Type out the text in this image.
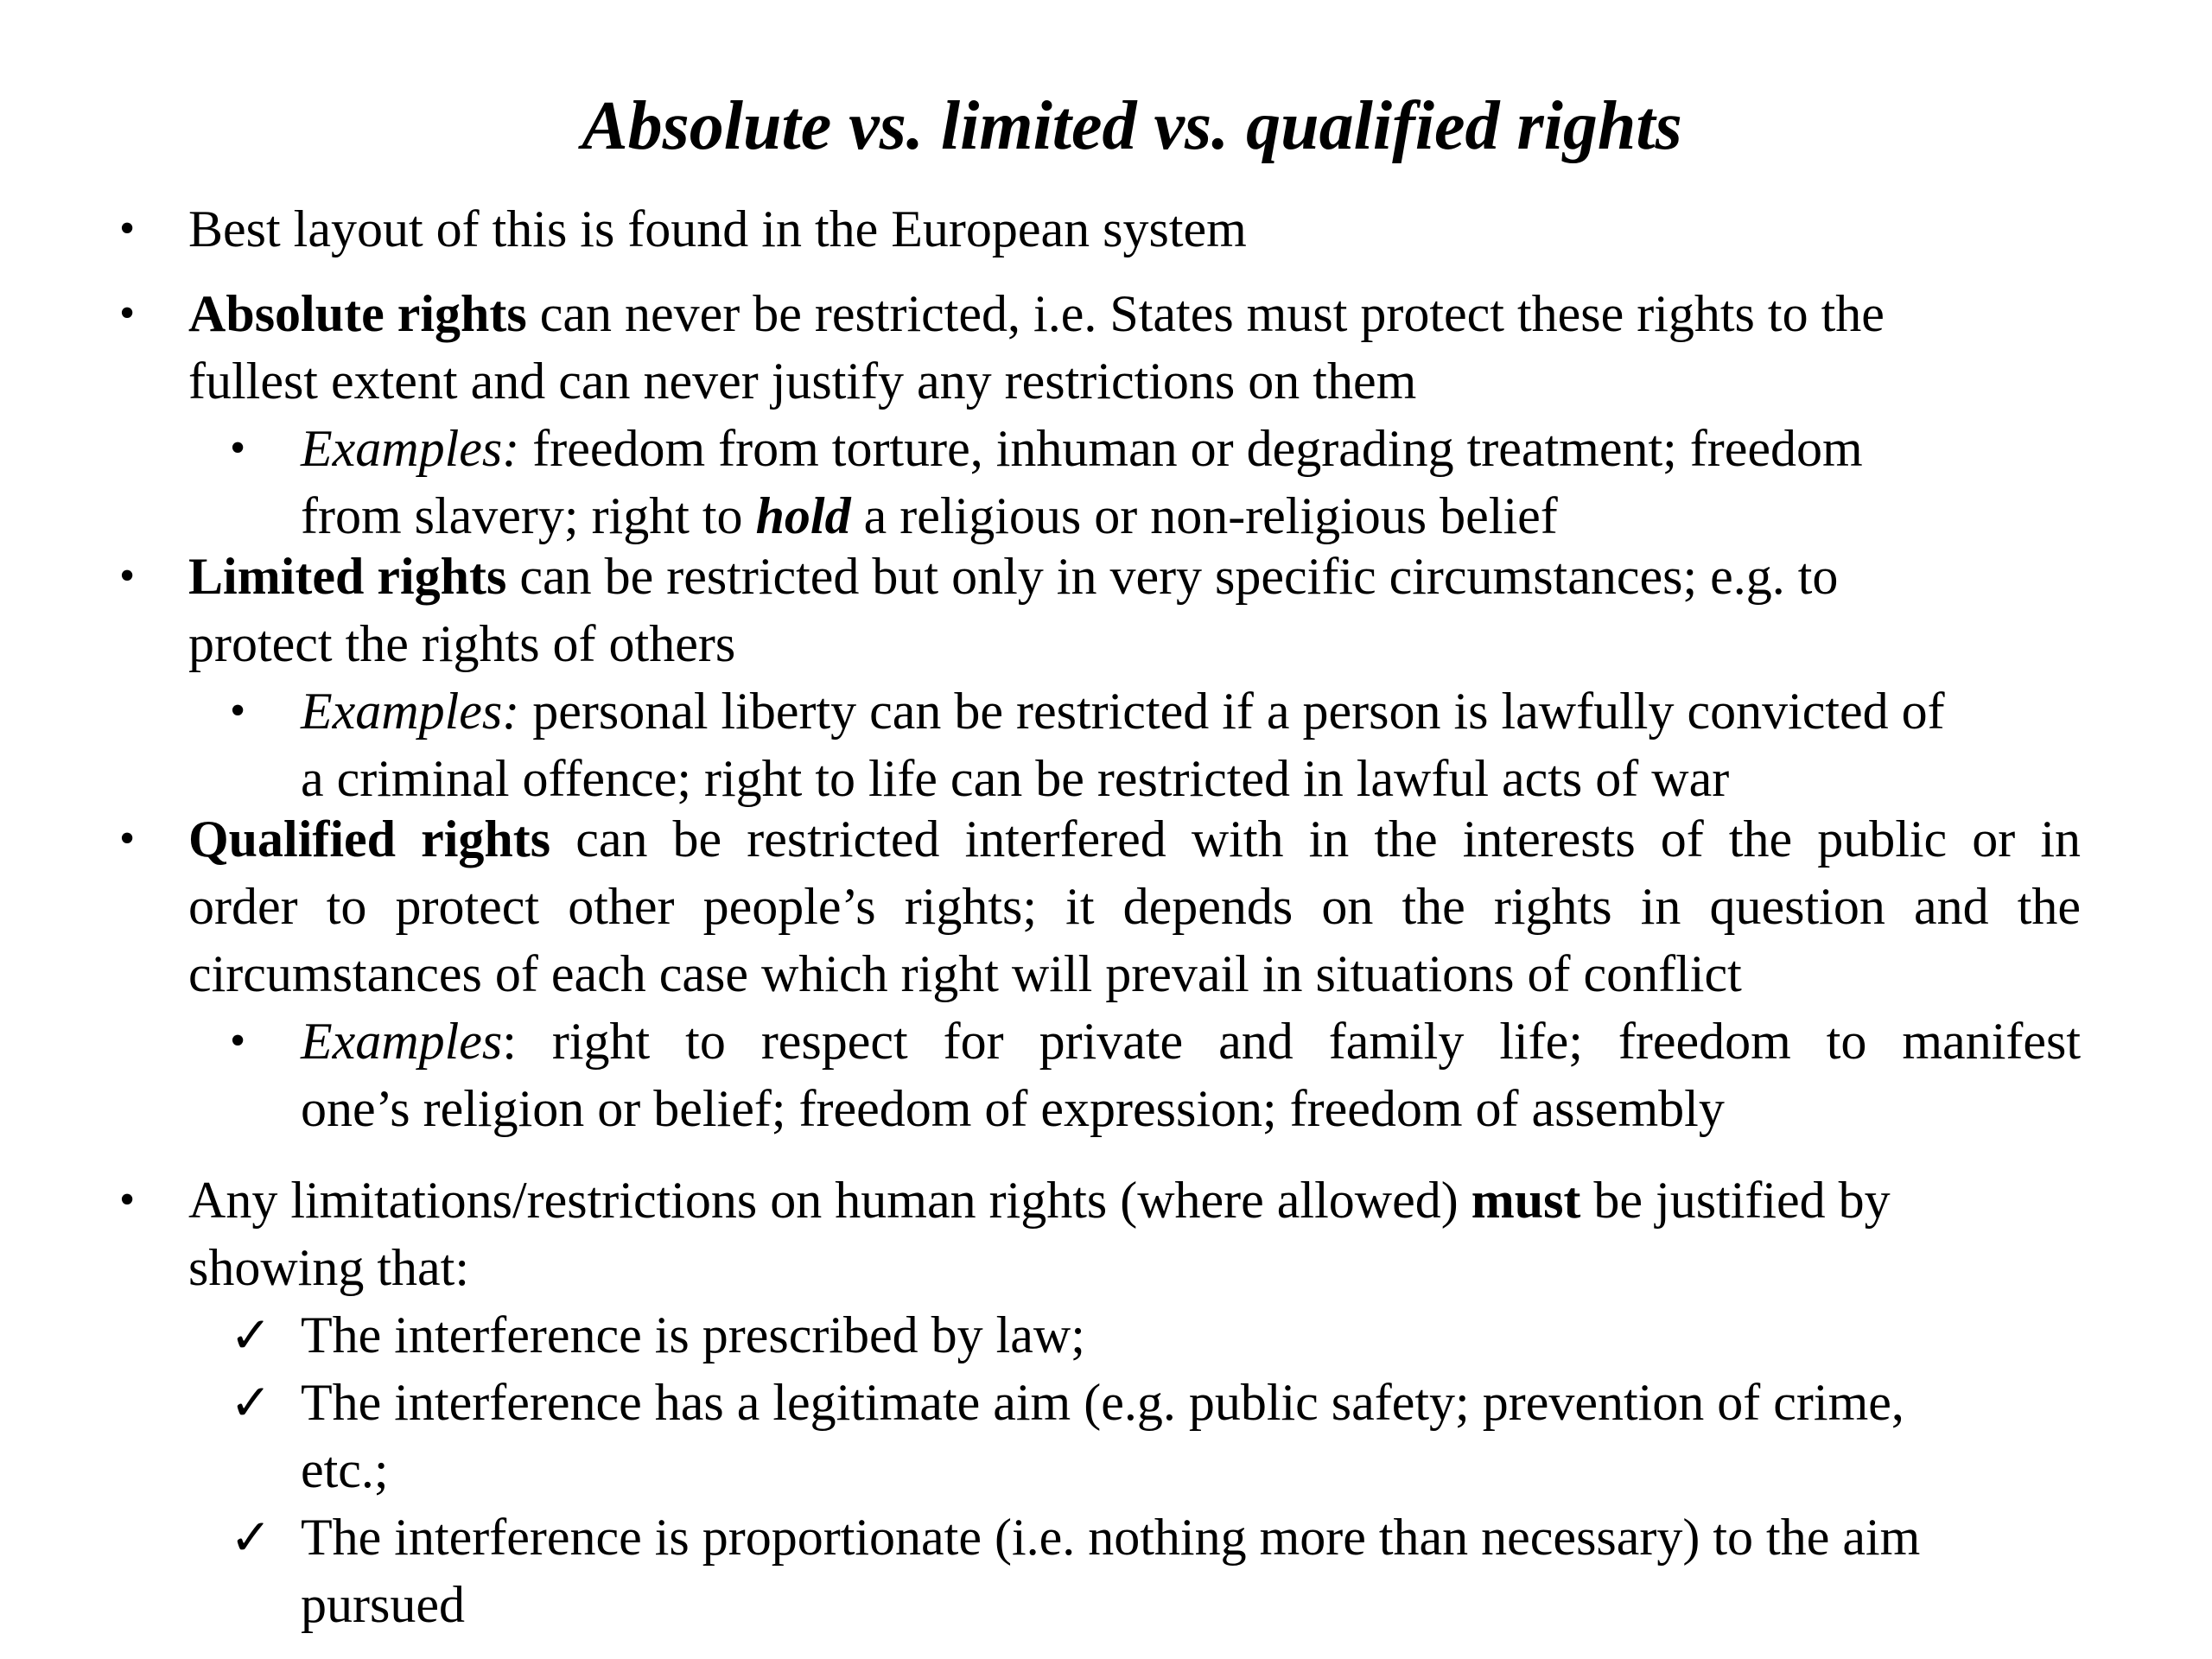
Absolute vs. limited vs. qualified rights
• Best layout of this is found in the European system

• Absolute rights can never be restricted, i.e. States must protect these rights to the

fullest extent and can never justify any restrictions on them

• Examples: freedom from torture, inhuman or degrading treatment; freedom

from slavery; right to hold a religious or non-religious belief

• Limited rights can be restricted but only in very specific circumstances; e.g. to

protect the rights of others

• Examples: personal liberty can be restricted if a person is lawfully convicted of

a criminal offence; right to life can be restricted in lawful acts of war

• Qualified rights can be restricted interfered with in the interests of the public or in

order to protect other people’s rights; it depends on the rights in question and the

circumstances of each case which right will prevail in situations of conflict

• Examples: right to respect for private and family life; freedom to manifest

one’s religion or belief; freedom of expression; freedom of assembly

• Any limitations/restrictions on human rights (where allowed) must be justified by

showing that:

✓ The interference is prescribed by law;

✓ The interference has a legitimate aim (e.g. public safety; prevention of crime,

etc.;

✓ The interference is proportionate (i.e. nothing more than necessary) to the aim

pursued
